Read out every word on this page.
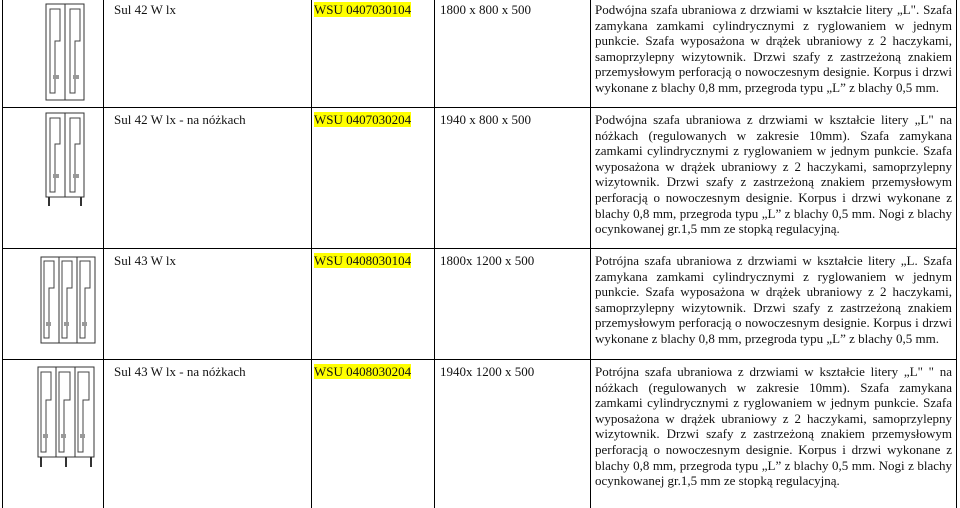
Sul 42 W lx	WSU 0407030104	1800 x 800 x 500	Podwójna szafa ubraniowa z drzwiami w kształcie litery „L". Szafa zamykana zamkami cylindrycznymi z ryglowaniem w jednym punkcie. Szafa wyposażona w drążek ubraniowy z 2 haczykami, samoprzylepny wizytownik. Drzwi szafy z zastrzeżoną znakiem przemysłowym perforacją o nowoczesnym designie. Korpus i drzwi wykonane z blachy 0,8 mm, przegroda typu „L” z blachy 0,5 mm.
Sul 42 W lx - na nóżkach	WSU 0407030204	1940 x 800 x 500	Podwójna szafa ubraniowa z drzwiami w kształcie litery „L" na nóżkach (regulowanych w zakresie 10mm). Szafa zamykana zamkami cylindrycznymi z ryglowaniem w jednym punkcie. Szafa wyposażona w drążek ubraniowy z 2 haczykami, samoprzylepny wizytownik. Drzwi szafy z zastrzeżoną znakiem przemysłowym perforacją o nowoczesnym designie. Korpus i drzwi wykonane z blachy 0,8 mm, przegroda typu „L” z blachy 0,5 mm. Nogi z blachy ocynkowanej gr.1,5 mm ze stopką regulacyjną.
Sul 43 W lx	WSU 0408030104	1800x 1200 x 500	Potrójna szafa ubraniowa z drzwiami w kształcie litery „L. Szafa zamykana zamkami cylindrycznymi z ryglowaniem w jednym punkcie. Szafa wyposażona w drążek ubraniowy z 2 haczykami, samoprzylepny wizytownik. Drzwi szafy z zastrzeżoną znakiem przemysłowym perforacją o nowoczesnym designie. Korpus i drzwi wykonane z blachy 0,8 mm, przegroda typu „L” z blachy 0,5 mm.
Sul 43 W lx - na nóżkach	WSU 0408030204	1940x 1200 x 500	Potrójna szafa ubraniowa z drzwiami w kształcie litery „L" " na nóżkach (regulowanych w zakresie 10mm). Szafa zamykana zamkami cylindrycznymi z ryglowaniem w jednym punkcie. Szafa wyposażona w drążek ubraniowy z 2 haczykami, samoprzylepny wizytownik. Drzwi szafy z zastrzeżoną znakiem przemysłowym perforacją o nowoczesnym designie. Korpus i drzwi wykonane z blachy 0,8 mm, przegroda typu „L” z blachy 0,5 mm. Nogi z blachy ocynkowanej gr.1,5 mm ze stopką regulacyjną.
